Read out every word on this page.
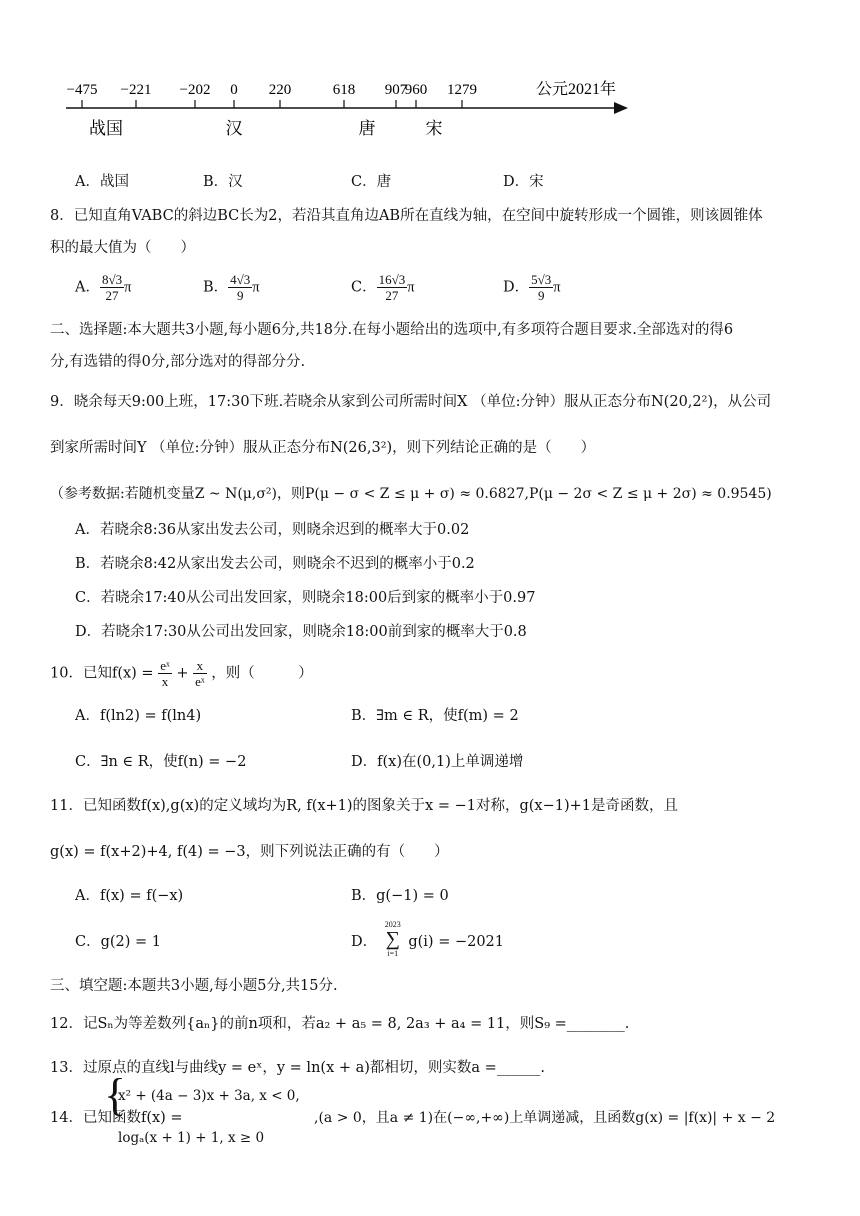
−475 −221 −202 0 220	618 907
960 1279
战国	汉	唐	宋
公元2021年
A．战国	B．汉	C．唐	D．宋
8．已知直角VABC的斜边BC长为2，若沿其直角边AB所在直线为轴，在空间中旋转形成一个圆锥，则该圆锥体
积的最大值为（　　）
A． $\frac{8√3}{27}$ π	B． $\frac{4√3}{9}$ π	C． $\frac{16√3}{27}$ π	D． $\frac{5√3}{9}$ π
二、选择题:本大题共3小题,每小题6分,共18分.在每小题给出的选项中,有多项符合题目要求.全部选对的得6
分,有选错的得0分,部分选对的得部分分.
9．晓余每天9:00上班，17:30下班.若晓余从家到公司所需时间X （单位:分钟）服从正态分布N(20,2²)，从公司
到家所需时间Y （单位:分钟）服从正态分布N(26,3²)，则下列结论正确的是（　　）
（参考数据:若随机变量Z ~ N(μ,σ²)，则P(μ − σ < Z ≤ μ + σ) ≈ 0.6827,P(μ − 2σ < Z ≤ μ + 2σ) ≈ 0.9545)
A．若晓余8:36从家出发去公司，则晓余迟到的概率大于0.02
B．若晓余8:42从家出发去公司，则晓余不迟到的概率小于0.2
C．若晓余17:40从公司出发回家，则晓余18:00后到家的概率小于0.97
D．若晓余17:30从公司出发回家，则晓余18:00前到家的概率大于0.8
10．已知$f(x) = \frac{\text{eˣ}}{x} + \frac{x}{\text{eˣ}}$ ，则（　　　）
A．f(ln2) = f(ln4)	B．∃m ∈ R，使f(m) = 2
C．∃n ∈ R，使f(n) = −2	D．f(x)在(0,1)上单调递增
11．已知函数f(x),g(x)的定义域均为R, f(x+1)的图象关于x = −1对称，g(x−1)+1是奇函数，且
g(x) = f(x+2)+4, f(4) = −3，则下列说法正确的有（　　）
A．f(x) = f(−x)	B．g(−1) = 0
C．g(2) = 1	D．
2023
∑
i=1
g(i) = −2021
三、填空题:本题共3小题,每小题5分,共15分.
12．记Sₙ为等差数列{aₙ}的前n项和，若a₂ + a₅ = 8, 2a₃ + a₄ = 11，则S₉ =________.
13．过原点的直线l与曲线y = eˣ，y = ln(x + a)都相切，则实数a =______.
14．已知函数f(x) =
{
x² + (4a − 3)x + 3a, x < 0,
logₐ(x + 1) + 1, x ≥ 0
,(a > 0，且a ≠ 1)在(−∞,+∞)上单调递减，且函数g(x) = |f(x)| + x − 2
